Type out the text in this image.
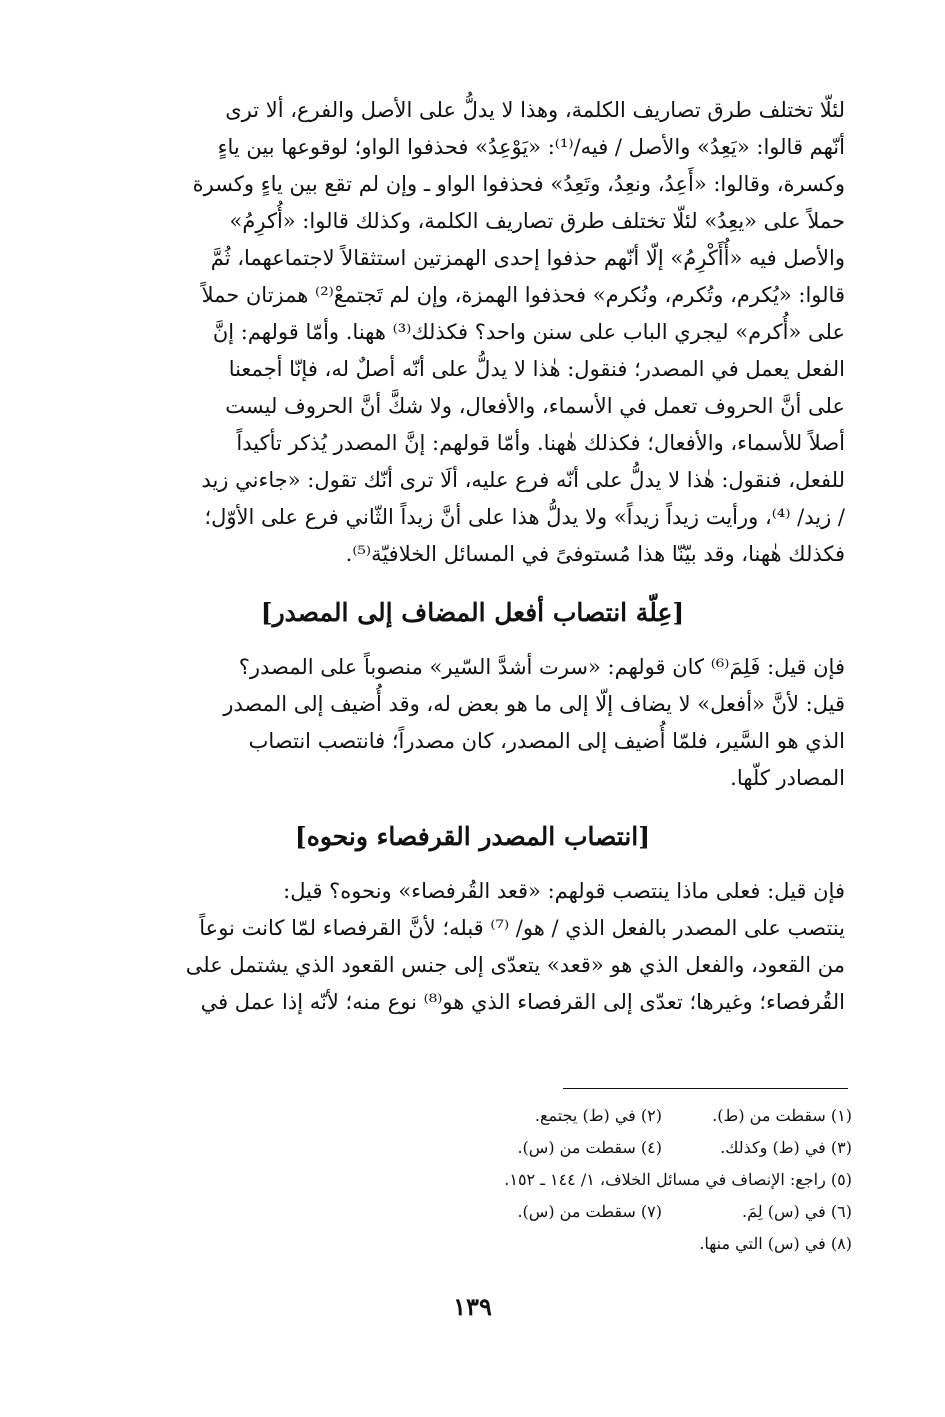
لئلّا تختلف طرق تصاريف الكلمة، وهذا لا يدلُّ على الأصل والفرع، ألا ترى

أنّهم قالوا: «يَعِدُ» والأصل / فيه/⁽¹⁾: «يَوْعِدُ» فحذفوا الواو؛ لوقوعها بين ياءٍ

وكسرة، وقالوا: «أَعِدُ، ونعِدُ، وتَعِدُ» فحذفوا الواو ـ وإن لم تقع بين ياءٍ وكسرة

حملاً على «يعِدُ» لئلّا تختلف طرق تصاريف الكلمة، وكذلك قالوا: «أُكرِمُ»

والأصل فيه «أُأَكْرِمُ» إلّا أنّهم حذفوا إحدى الهمزتين استثقالاً لاجتماعهما، ثُمَّ

قالوا: «يُكرم، وتُكرم، ونُكرم» فحذفوا الهمزة، وإن لم تَجتمعْ⁽²⁾ همزتان حملاً

على «أُكرم» ليجري الباب على سنن واحد؟ فكذلك⁽³⁾ ههنا. وأمّا قولهم: إنَّ

الفعل يعمل في المصدر؛ فنقول: هٰذا لا يدلُّ على أنّه أصلٌ له، فإنّا أجمعنا

على أنَّ الحروف تعمل في الأسماء، والأفعال، ولا شكَّ أنَّ الحروف ليست

أصلاً للأسماء، والأفعال؛ فكذلك هٰهنا. وأمّا قولهم: إنَّ المصدر يُذكر تأكيداً

للفعل، فنقول: هٰذا لا يدلُّ على أنّه فرع عليه، ألَا ترى أنّك تقول: «جاءني زيد

/ زيد/ ⁽⁴⁾، ورأيت زيداً زيداً» ولا يدلُّ هذا على أنَّ زيداً الثّاني فرع على الأوّل؛

فكذلك هٰهنا، وقد بيّنّا هذا مُستوفىً في المسائل الخلافيّة⁽⁵⁾.

[عِلّة انتصاب أفعل المضاف إلى المصدر]

فإن قيل: فَلِمَ⁽⁶⁾ كان قولهم: «سرت أشدَّ السّير» منصوباً على المصدر؟

قيل: لأنَّ «أفعل» لا يضاف إلّا إلى ما هو بعض له، وقد أُضيف إلى المصدر

الذي هو السَّير، فلمّا أُضيف إلى المصدر، كان مصدراً؛ فانتصب انتصاب

المصادر كلّها.

[انتصاب المصدر القرفصاء ونحوه]

فإن قيل: فعلى ماذا ينتصب قولهم: «قعد القُرفصاء» ونحوه؟ قيل:

ينتصب على المصدر بالفعل الذي / هو/ ⁽⁷⁾ قبله؛ لأنَّ القرفصاء لمّا كانت نوعاً

من القعود، والفعل الذي هو «قعد» يتعدّى إلى جنس القعود الذي يشتمل على

القُرفصاء؛ وغيرها؛ تعدّى إلى القرفصاء الذي هو⁽⁸⁾ نوع منه؛ لأنّه إذا عمل في

(١) سقطت من (ط).
(٢) في (ط) يجتمع.
(٣) في (ط) وكذلك.
(٤) سقطت من (س).
(٥) راجع: الإنصاف في مسائل الخلاف، ١/ ١٤٤ ـ ١٥٢.
(٦) في (س) لِمَ.
(٧) سقطت من (س).
(٨) في (س) التي منها.
١٣٩
